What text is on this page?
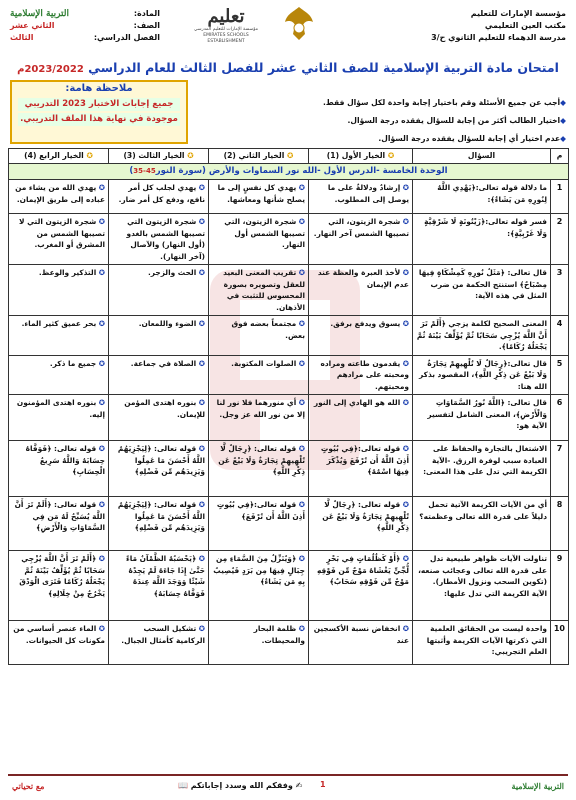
مؤسسة الإمارات للتعليم
مكتب العين التعليمي
مدرسة الدهماء للتعليم الثانوي ح/3
تعليم
مؤسسة الإمارات للتعليم المدرسي
EMIRATES SCHOOLS ESTABLISHMENT
المادة:
التربية الإسلامية
الصف:
الثاني عشر
الفصل الدراسي:
الثالث
امتحان مادة التربية الإسلامية للصف الثاني عشر للفصل الثالث للعام الدراسي 2023/2022م
◆أجب عن جميع الأسئلة وقم باختيار إجابة واحدة لكل سؤال فقط.
◆اختيار الطالب أكثر من إجابة للسؤال يفقده درجة السؤال.
◆عدم اختيار أي إجابة للسؤال يفقده درجة السؤال.
ملاحظة هامة:
جميع إجابات الاختبار 2023 التدريبي
موجودة في نهاية هذا الملف التدريبي.
م	السؤال	✪ الخيار الأول (1)	✪ الخيار الثاني (2)	✪ الخيار الثالث (3)	✪ الخيار الرابع (4)
الوحدة الخامسة -الدرس الأول -الله نور السماوات والأرض (سورة النور45-35)					
1	ما دلالة قوله تعالى:﴿يَهْدِي اللَّهُ لِنُورِهِ مَن يَشَاءُ﴾:	✪ إرشادٌ ودلالةٌ على ما يوصل إلى المطلوب.	✪ يهدي كل نفسٍ إلى ما يصلح شأنها ومعاشها.	✪ يهدي لجلب كل أمر نافع، ودفع كل أمر ضار.	✪ يهدي الله من يشاء من عباده إلى طريق الإيمان.
2	فسر قوله تعالى:﴿زَيْتُونَةٍ لَا شَرْقِيَّةٍ وَلَا غَرْبِيَّةٍ﴾:	✪ شجرة الزيتون، التي تصيبها الشمس آخر النهار.	✪ شجرة الزيتون، التي تصيبها الشمس أول النهار.	✪ شجرة الزيتون التي تصيبها الشمس بالغدو (أول النهار) والآصال (آخر النهار).	✪ شجرة الزيتون التي لا تصيبها الشمس من المشرق أو المغرب.
3	قال تعالى: ﴿مَثَلُ نُورِهِ كَمِشْكَاةٍ فِيهَا مِصْبَاحٌ﴾ استنتج الحكمة من ضرب المثل في هذه الآية:	✪ لأخذ العبرة والعظة عند عدم الإيمان	✪ تقريب المعنى البعيد للعقل وتصويره بصورة المحسوس للتثبت في الأذهان.	✪ الحث والزجر.	✪ التذكير والوعظ.
4	المعنى الصحيح لكلمة يزجي ﴿أَلَمْ تَرَ أَنَّ اللَّهَ يُزْجِي سَحَابًا ثُمَّ يُؤَلِّفُ بَيْنَهُ ثُمَّ يَجْعَلُهُ رُكَامًا﴾.	✪ يسوق ويدفع برفق.	✪ مجتمعاً بعضه فوق بعض.	✪ الضوء واللمعان.	✪ بحر عميق كثير الماء.
5	قال تعالى:﴿رِجَالٌ لَا تُلْهِيهِمْ تِجَارَةٌ وَلَا بَيْعٌ عَن ذِكْرِ اللَّهِ﴾، المقصود بذكر الله هنا:	✪ يقدمون طاعته ومراده ومحبته على مرادهم ومحبتهم.	✪ الصلوات المكتوبة.	✪ الصلاة في جماعة.	✪ جميع ما ذكر.
6	قال تعالى: ﴿اللَّهُ نُورُ السَّمَاوَاتِ وَالْأَرْضِ﴾، المعنى الشامل لتفسير الآية هو:	✪ الله هو الهادي إلى النور	✪ أي منورهما فلا نور لنا إلا من نور الله عز وجل.	✪ بنوره اهتدى المؤمن للإيمان.	✪ بنوره اهتدى المؤمنون إليه.
7	الاشتغال بالتجارة والحفاظ على العبادة سبب لوفرة الرزق. -الآية الكريمة التي تدل على هذا المعنى:	✪ قوله تعالى:﴿فِي بُيُوتٍ أَذِنَ اللَّهُ أَن تُرْفَعَ وَيُذْكَرَ فِيهَا اسْمُهُ﴾	✪ قوله تعالى: ﴿رِجَالٌ لَّا تُلْهِيهِمْ تِجَارَةٌ وَلَا بَيْعٌ عَن ذِكْرِ اللَّهِ﴾	✪ قوله تعالى: ﴿لِيَجْزِيَهُمُ اللَّهُ أَحْسَنَ مَا عَمِلُوا وَيَزِيدَهُم مِّن فَضْلِهِ﴾	✪ قوله تعالى: ﴿فَوَفَّاهُ حِسَابَهُ وَاللَّهُ سَرِيعُ الْحِسَابِ﴾
8	أي من الآيات الكريمة الآتية تحمل دليلاً على قدرة الله تعالى وعظمته؟	✪ قوله تعالى: ﴿رِجَالٌ لَّا تُلْهِيهِمْ تِجَارَةٌ وَلَا بَيْعٌ عَن ذِكْرِ اللَّهِ﴾	✪ قوله تعالى:﴿فِي بُيُوتٍ أَذِنَ اللَّهُ أَن تُرْفَعَ﴾	✪ قوله تعالى: ﴿لِيَجْزِيَهُمُ اللَّهُ أَحْسَنَ مَا عَمِلُوا وَيَزِيدَهُم مِّن فَضْلِهِ﴾	✪ قوله تعالى: ﴿أَلَمْ تَرَ أَنَّ اللَّهَ يُسَبِّحُ لَهُ مَن فِي السَّمَاوَاتِ وَالْأَرْضِ﴾
9	تناولت الآيات ظواهر طبيعية تدل على قدرة الله تعالى وعجائب صنعه، (تكوين السحب ونزول الأمطار). الآية الكريمة التي تدل عليها:	✪ ﴿أَوْ كَظُلُمَاتٍ فِي بَحْرٍ لُّجِّيٍّ يَغْشَاهُ مَوْجٌ مِّن فَوْقِهِ مَوْجٌ مِّن فَوْقِهِ سَحَابٌ﴾	✪ ﴿وَيُنَزِّلُ مِنَ السَّمَاءِ مِن جِبَالٍ فِيهَا مِن بَرَدٍ فَيُصِيبُ بِهِ مَن يَشَاءُ﴾	✪ ﴿يَحْسَبُهُ الظَّمْآنُ مَاءً حَتَّىٰ إِذَا جَاءَهُ لَمْ يَجِدْهُ شَيْئًا وَوَجَدَ اللَّهَ عِندَهُ فَوَفَّاهُ حِسَابَهُ﴾	✪ ﴿أَلَمْ تَرَ أَنَّ اللَّهَ يُزْجِي سَحَابًا ثُمَّ يُؤَلِّفُ بَيْنَهُ ثُمَّ يَجْعَلُهُ رُكَامًا فَتَرَى الْوَدْقَ يَخْرُجُ مِنْ خِلَالِهِ﴾
10	واحدة ليست من الحقائق العلمية التي ذكرتها الآيات الكريمة وأثبتها العلم التجريبي:	✪ انخفاض نسبة الأكسجين عند	✪ ظلمة البحار والمحيطات.	✪ تشكيل السحب الركامية كأمثال الجبال.	✪ الماء عنصر أساسي من مكونات كل الحيوانات.
التربية الإسلامية
1
✍ وفقكم الله وسدد إجاباتكم 📖
مع تحياتي
